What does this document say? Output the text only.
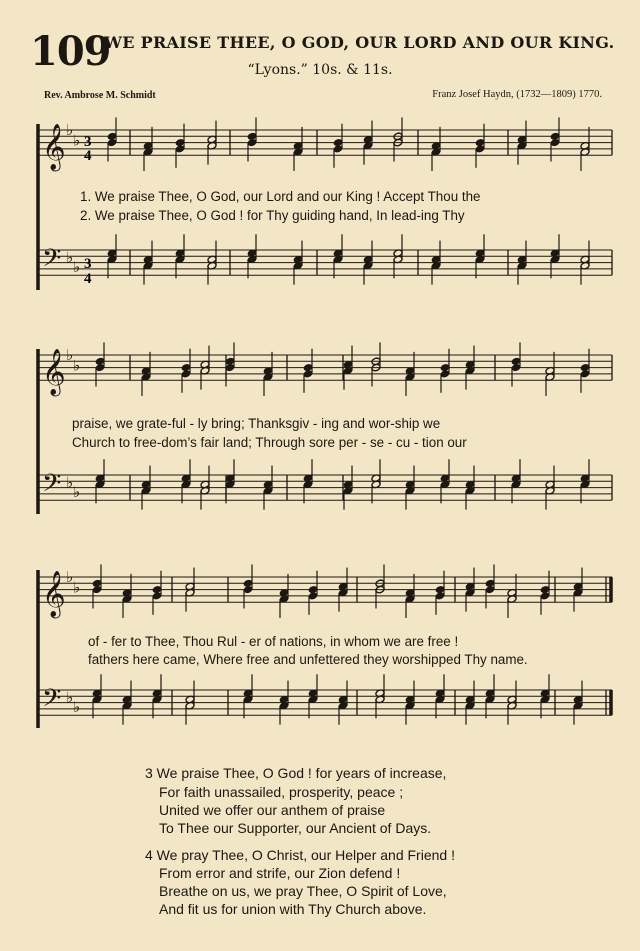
109
WE PRAISE THEE, O GOD, OUR LORD AND OUR KING.
“Lyons.” 10s. & 11s.
Rev. Ambrose M. Schmidt	Franz Josef Haydn, (1732—1809) 1770.
𝄞
𝄢
♭
♭
♭
♭
𝄞
𝄢
♭
♭
♭
♭
𝄞
𝄢
♭
♭
♭
♭
3
4
3
4
1. We praise Thee, O God, our Lord and our King ! Accept Thou the
2. We praise Thee, O God ! for Thy guiding hand, In lead-ing Thy
praise, we grate-ful - ly bring; Thanksgiv - ing and wor-ship we
Church to free-dom’s fair land; Through sore per - se - cu - tion our
of - fer to Thee, Thou Rul - er of nations, in whom we are free !
fathers here came, Where free and unfettered they worshipped Thy name.
3 We praise Thee, O God ! for years of increase,
For faith unassailed, prosperity, peace ;
United we offer our anthem of praise
To Thee our Supporter, our Ancient of Days.
4 We pray Thee, O Christ, our Helper and Friend !
From error and strife, our Zion defend !
Breathe on us, we pray Thee, O Spirit of Love,
And fit us for union with Thy Church above.
